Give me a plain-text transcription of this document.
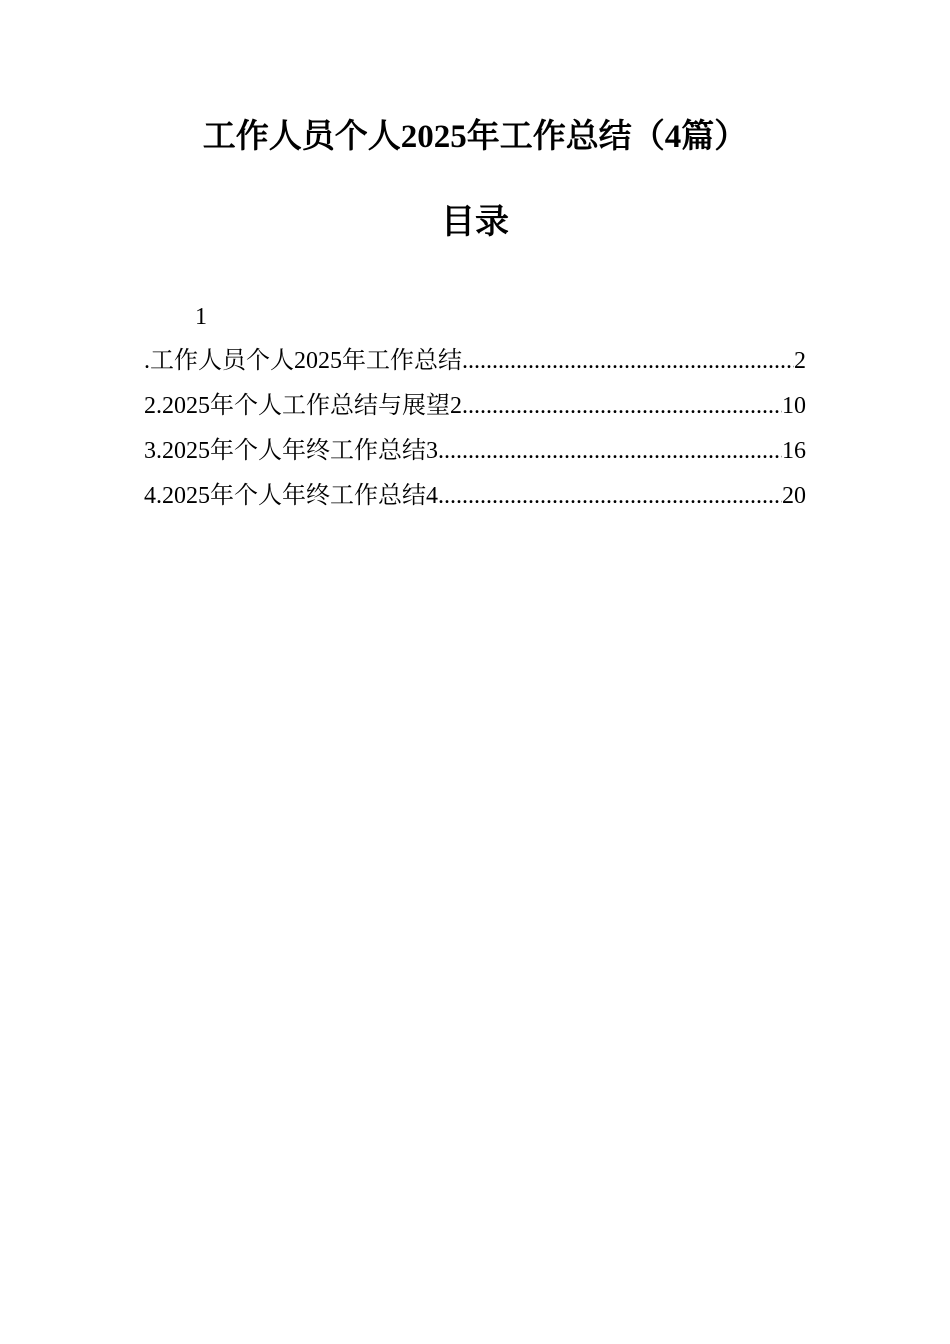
工作人员个人2025年工作总结（4篇）
目录
1
.工作人员个人2025年工作总结 .....	2
2.2025年个人工作总结与展望2 .....	10
3.2025年个人年终工作总结3 .....	16
4.2025年个人年终工作总结4 .....	20
